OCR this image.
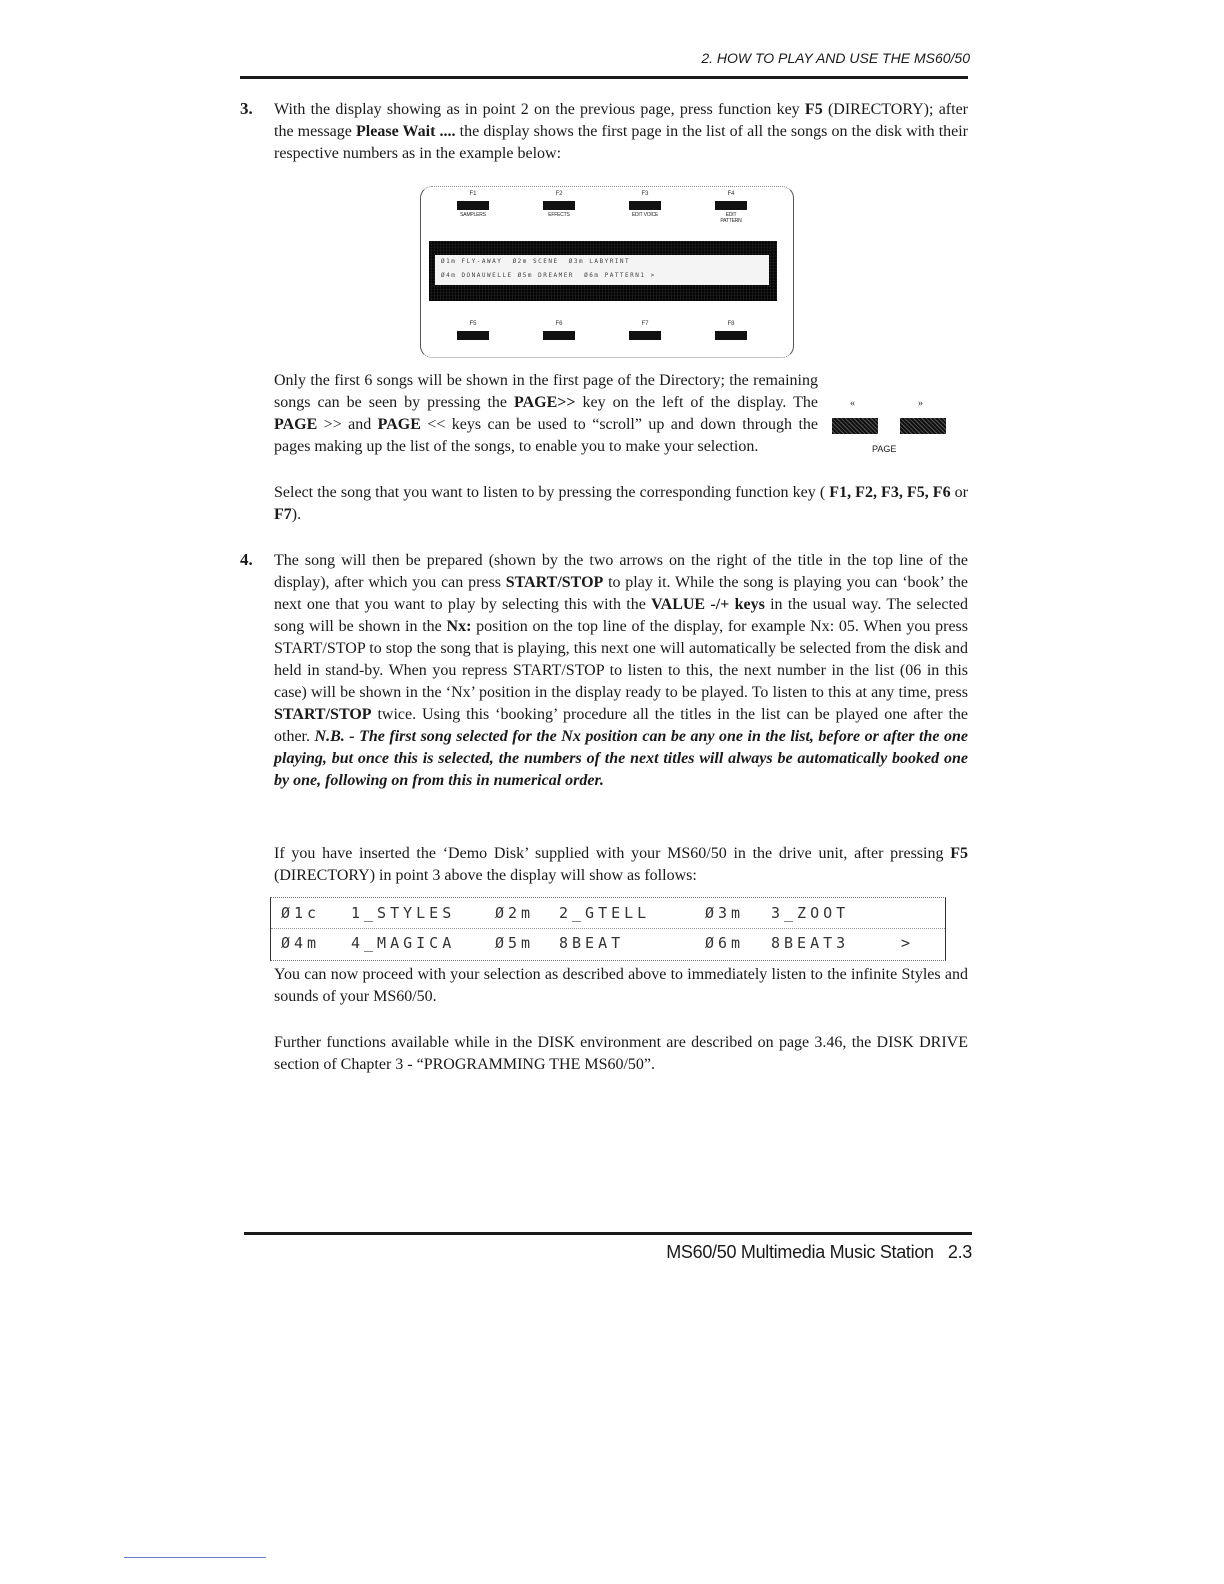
2. HOW TO PLAY AND USE THE MS60/50
3. With the display showing as in point 2 on the previous page, press function key F5 (DIRECTORY); after the message Please Wait .... the display shows the first page in the list of all the songs on the disk with their respective numbers as in the example below:
F1
SAMPLERS
F2
EFFECTS
F3
EDIT VOICE
F4
EDIT PATTERN
Ø1m FLY-AWAY  Ø2m SCENE  Ø3m LABYRINT
Ø4m DONAUWELLE Ø5m DREAMER  Ø6m PATTERN1 >
F5	F6	F7	F8
Only the first 6 songs will be shown in the first page of the Directory; the remaining songs can be seen by pressing the PAGE>> key on the left of the display. The PAGE >> and PAGE << keys can be used to “scroll” up and down through the pages making up the list of the songs, to enable you to make your selection.
«	»
PAGE
Select the song that you want to listen to by pressing the corresponding function key ( F1, F2, F3, F5, F6 or F7).
4. The song will then be prepared (shown by the two arrows on the right of the title in the top line of the display), after which you can press START/STOP to play it. While the song is playing you can ‘book’ the next one that you want to play by selecting this with the VALUE -/+ keys in the usual way. The selected song will be shown in the Nx: position on the top line of the display, for example Nx: 05. When you press START/STOP to stop the song that is playing, this next one will automatically be selected from the disk and held in stand-by. When you repress START/STOP to listen to this, the next number in the list (06 in this case) will be shown in the ‘Nx’ position in the display ready to be played. To listen to this at any time, press START/STOP twice. Using this ‘booking’ procedure all the titles in the list can be played one after the other. N.B. - The first song selected for the Nx position can be any one in the list, before or after the one playing, but once this is selected, the numbers of the next titles will always be automatically booked one by one, following on from this in numerical order.
If you have inserted the ‘Demo Disk’ supplied with your MS60/50 in the drive unit, after pressing F5 (DIRECTORY) in point 3 above the display will show as follows:
Ø1c 1_STYLES	Ø2m 2_GTELL	Ø3m 3_ZOOT
Ø4m 4_MAGICA	Ø5m 8BEAT	Ø6m 8BEAT3	>
You can now proceed with your selection as described above to immediately listen to the infinite Styles and sounds of your MS60/50.
Further functions available while in the DISK environment are described on page 3.46, the DISK DRIVE section of Chapter 3 - “PROGRAMMING THE MS60/50”.
MS60/50 Multimedia Music Station 2.3
